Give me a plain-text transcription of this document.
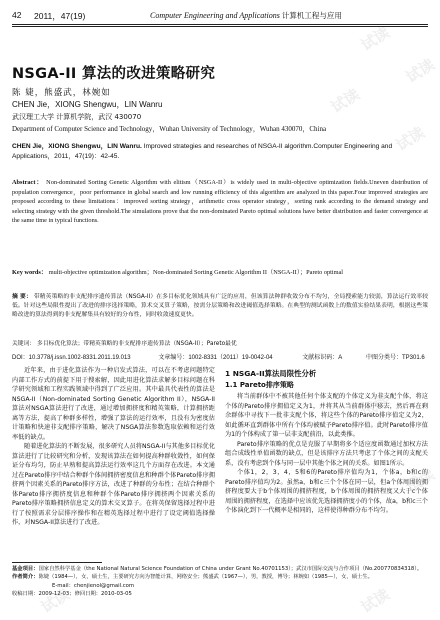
42 2011，47(19)	Computer Engineering and Applications 计算机工程与应用
NSGA-II 算法的改进策略研究
陈 婕，熊盛武，林婉如
CHEN Jie，XIONG Shengwu，LIN Wanru
武汉理工大学 计算机学院，武汉 430070
Department of Computer Science and Technology，Wuhan University of Technology，Wuhan 430070，China
CHEN Jie，XIONG Shengwu，LIN Wanru. Improved strategies and researches of NSGA-II algorithm.Computer Engineering and Applications，2011，47(19)：42-45.
Abstract： Non-dominated Sorting Genetic Algorithm with elitism（NSGA-II）is widely used in multi-objective optimization fields.Uneven distribution of population convergence，poor performance in global search and low running efficiency of this algorithm are analyzed in this paper.Four improved strategies are proposed according to these limitations：improved sorting strategy，arithmetic cross operator strategy，sorting rank according to the demand strategy and selecting strategy with the given threshold.The simulations prove that the non-dominated Pareto optimal solutions have better distribution and faster convergence at the same time in typical functions.
Key words： multi-objective optimization algorithm；Non-dominated Sorting Genetic Algorithm II（NSGA-II）；Pareto optimal
摘 要： 带精英策略的非支配排序遗传算法（NSGA-II）在多目标优化领域具有广泛的应用，但该算法种群收敛分布不均匀，全局搜索能力较弱，算法运行效率较低。针对这些局限性提出了改进的排序选择策略，算术交叉算子策略，按需分层策略和改进阈值选择策略。在典型的测试函数上的数值实验结果表明，根据这些策略改进的算法得到的非支配解集具有较好的分布性，同时收敛速度更快。
关键词： 多目标优化算法；带精英策略的非支配排序遗传算法（NSGA-II）；Pareto最优
DOI：10.3778/j.issn.1002-8331.2011.19.013	文章编号：1002-8331（2011）19-0042-04	文献标识码：A	中图分类号：TP301.6

近年来，由于进化算法作为一种启发式算法，可以在不考虑问题特定内部工作方式的前提下用于搜索解，因此用进化算法求解多目标问题在科学研究领域和工程实践领域中得到了广泛应用。其中最具代表性的算法是NSGA-II（Non-dominated Sorting Genetic Algorithm II），NSGA-II算法对NSGA算法进行了改进，通过增加拥挤度和精英策略，计算拥挤距离等方法，提高了种群多样性，增强了算法的运行效率，且没有为密度估计策略和快速非支配排序策略，解决了NSGA算法参数选取依赖和运行效率低的缺点。

随着进化算法的不断发展，很多研究人员将NSGA-II与其他多目标优化算法进行了比较研究和分析，发现该算法在如何提高种群收敛性，如何保证分布均匀，防止早熟和提高算法运行效率这几个方面存在改进。本文通过在Pareto排序中结合种群个体间拥挤密度信息和种群个体Pareto排序拥挤两个因素关系的Pareto排序方法，改进了种群的分布性；在结合种群个体Pareto排序拥挤度信息和种群个体Pareto排序拥挤两个因素关系的Pareto排序策略拥挤信息定义的算术交叉算子。在将英保留选择过程中进行了按照需求分层排序操作和在精英选择过程中进行了设定阈值选择操作，对NSGA-II算法进行了改进。

1 NSGA-II算法局限性分析
1.1 Pareto排序策略

将当前群体中不被其他任何个体支配的个体定义为非支配个体，将这个体的Pareto排序拥值定义为1，并将其从当前群体中移去，然后再在剩余群体中寻找下一批非支配个体，将这些个体的Pareto排序值定义为2，如此循环直到群体中所有个体均被赋予Pareto排序值。此时Pareto排序值为1的个体构成了第一层非支配前沿，以此类推。

Pareto排序策略的优点是克服了早期将多个适应度函数通过加权方法组合成线性单值函数的缺点，但是该排序方法只考虑了个体之间的支配关系，没有考虑到个体与同一层中其他个体之间的关系。如图1所示。

个体1，2，3，4，5和6的Pareto排序值均为1，个体a，b和c的Pareto排序值均为2。虽然a，b和c三个个体在同一层，但a个体周围的拥挤程度要大于b个体周围的拥挤程度，b个体周围的拥挤程度又大于c个体周围的拥挤程度，在选择中应该优先选择拥挤度小的个体，故a，b和c三个个体演化到下一代概率是相同的，这样使得种群分布不均匀。

基金项目：国家自然科学基金（the National Natural Science Foundation of China under Grant No.40701153）；武汉市国际交流与合作项目（No.200770834318）。
作者简介：陈婕（1984—），女，硕士生，主要研究方向为智能计算，网络安全；熊盛武（1967—），男，教授，博导；林婉如（1985—），女，硕士生。
E-mail：chenjienol@gmail.com
收稿日期：2009-12-03；修回日期：2010-03-05
试读
试读
试读
试读
试读
试读
试读
试读
